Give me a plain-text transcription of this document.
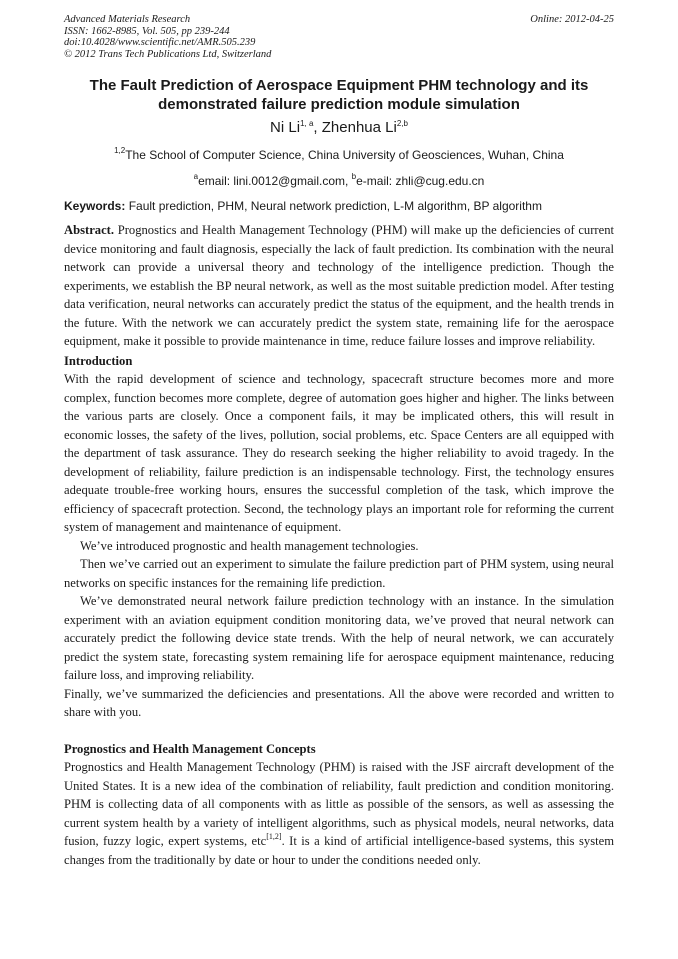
Advanced Materials Research
ISSN: 1662-8985, Vol. 505, pp 239-244
doi:10.4028/www.scientific.net/AMR.505.239
© 2012 Trans Tech Publications Ltd, Switzerland
Online: 2012-04-25
The Fault Prediction of Aerospace Equipment PHM technology and its
demonstrated failure prediction module simulation
Ni Li$^{1, a}$, Zhenhua Li$^{2,b}$
$^{1,2}$The School of Computer Science, China University of Geosciences, Wuhan, China
$^a$email: lini.0012@gmail.com, $^b$e-mail: zhli@cug.edu.cn
Keywords: Fault prediction, PHM, Neural network prediction, L-M algorithm, BP algorithm

Abstract. Prognostics and Health Management Technology (PHM) will make up the deficiencies of current device monitoring and fault diagnosis, especially the lack of fault prediction. Its combination with the neural network can provide a universal theory and technology of the intelligence prediction. Though the experiments, we establish the BP neural network, as well as the most suitable prediction model. After testing data verification, neural networks can accurately predict the status of the equipment, and the health trends in the future. With the network we can accurately predict the system state, remaining life for the aerospace equipment, make it possible to provide maintenance in time, reduce failure losses and improve reliability.

Introduction

With the rapid development of science and technology, spacecraft structure becomes more and more complex, function becomes more complete, degree of automation goes higher and higher. The links between the various parts are closely. Once a component fails, it may be implicated others, this will result in economic losses, the safety of the lives, pollution, social problems, etc. Space Centers are all equipped with the department of task assurance. They do research seeking the higher reliability to avoid tragedy. In the development of reliability, failure prediction is an indispensable technology. First, the technology ensures adequate trouble-free working hours, ensures the successful completion of the task, which improve the efficiency of spacecraft protection. Second, the technology plays an important role for reforming the current system of management and maintenance of equipment.

We’ve introduced prognostic and health management technologies.

Then we’ve carried out an experiment to simulate the failure prediction part of PHM system, using neural networks on specific instances for the remaining life prediction.

We’ve demonstrated neural network failure prediction technology with an instance. In the simulation experiment with an aviation equipment condition monitoring data, we’ve proved that neural network can accurately predict the following device state trends. With the help of neural network, we can accurately predict the system state, forecasting system remaining life for aerospace equipment maintenance, reducing failure loss, and improving reliability.

Finally, we’ve summarized the deficiencies and presentations. All the above were recorded and written to share with you.

Prognostics and Health Management Concepts

Prognostics and Health Management Technology (PHM) is raised with the JSF aircraft development of the United States. It is a new idea of the combination of reliability, fault prediction and condition monitoring. PHM is collecting data of all components with as little as possible of the sensors, as well as assessing the current system health by a variety of intelligent algorithms, such as physical models, neural networks, data fusion, fuzzy logic, expert systems, etc[1,2]. It is a kind of artificial intelligence-based systems, this system changes from the traditionally by date or hour to under the conditions needed only.
